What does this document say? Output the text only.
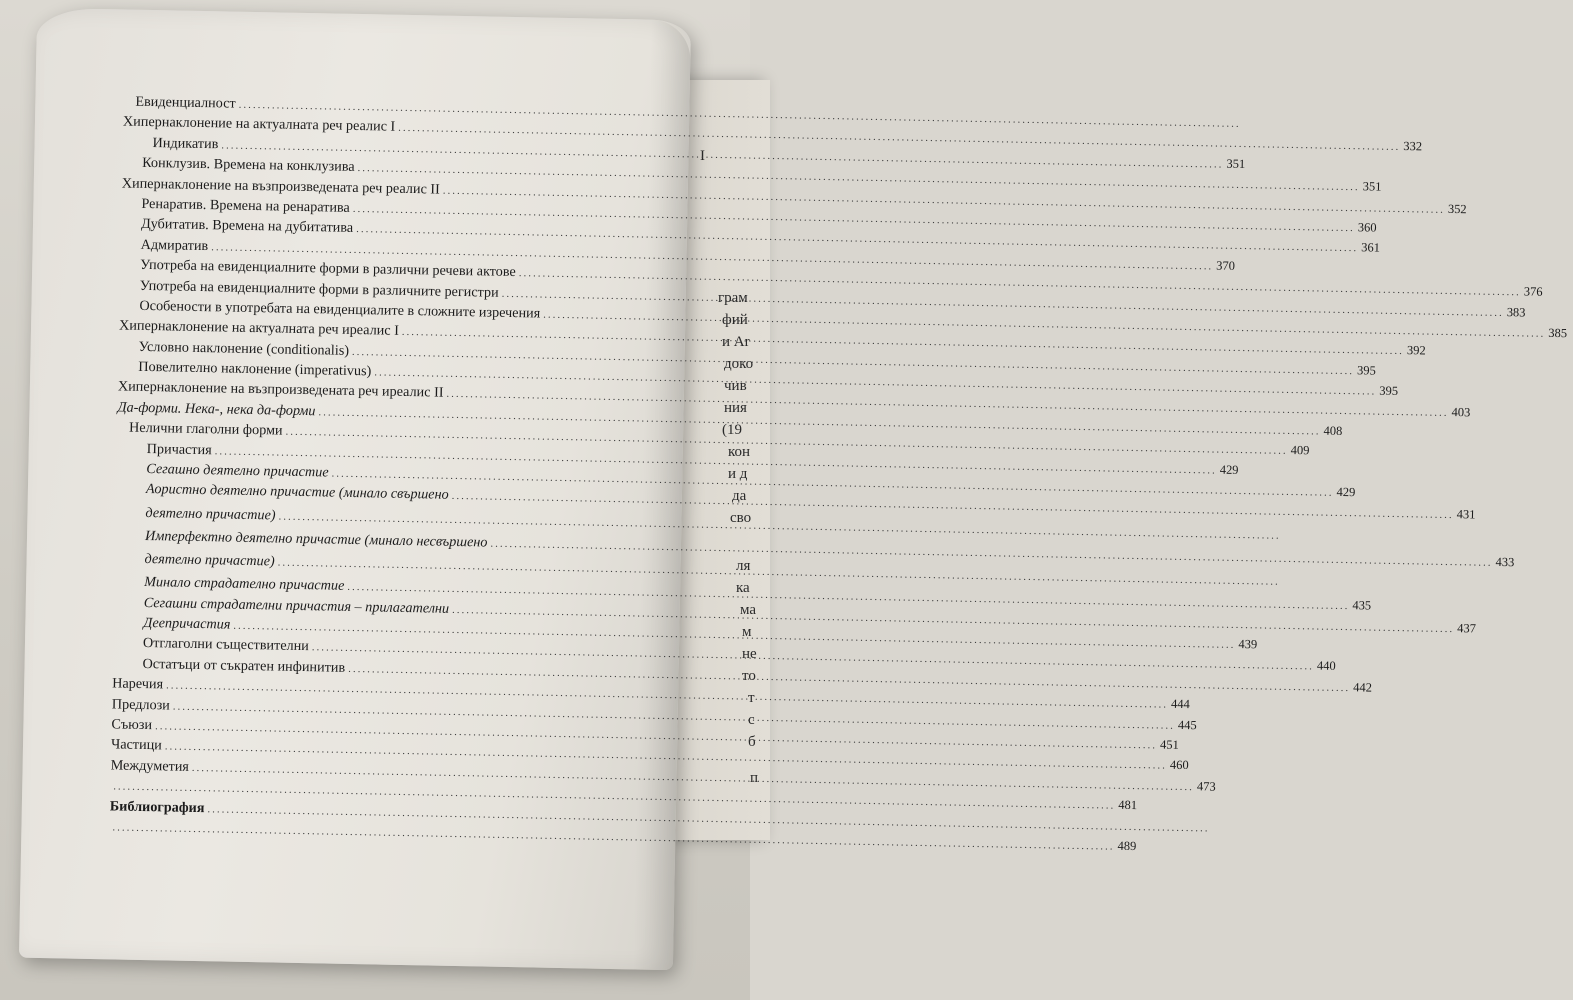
I
грам
фий
и Ar
доко
чив
ния
(19
кон
и д
да
сво
ля
ка
ма
м
не
то
т
с
б
п
Евиденциалност
.....
Хипернаклонение на актуалната реч реалис I
.....
332
Индикатив
.....
351
Конклузив. Времена на конклузива
.....
351
Хипернаклонение на възпроизведената реч реалис II
.....
352
Ренаратив. Времена на ренаратива
.....
360
Дубитатив. Времена на дубитатива
.....
361
Адмиратив
.....
370
Употреба на евиденциалните форми в различни речеви актове
.....
376
Употреба на евиденциалните форми в различните регистри
.....
383
Особености в употребата на евиденциалите в сложните изречения
.....
385
Хипернаклонение на актуалната реч иреалис I
.....
392
Условно наклонение (conditionalis)
.....
395
Повелително наклонение (imperativus)
.....
395
Хипернаклонение на възпроизведената реч иреалис II
.....
403
Да-форми. Нека-, нека да-форми
.....
408
Нелични глаголни форми
.....
409
Причастия
.....
429
Сегашно деятелно причастие
.....
429
Аористно деятелно причастие (минало свършено
.....
431
деятелно причастие)
.....
Имперфектно деятелно причастие (минало несвършено
.....
433
деятелно причастие)
.....
Минало страдателно причастие
.....
435
Сегашни страдателни причастия – прилагателни
.....
437
Деепричастия
.....
439
Отглаголни съществителни
.....
440
Остатъци от съкратен инфинитив
.....
442
Наречия
.....
444
Предлози
.....
445
Съюзи
.....
451
Частици
.....
460
Междуметия
.....
473
.....
481
Библиография
.....
.....
489
